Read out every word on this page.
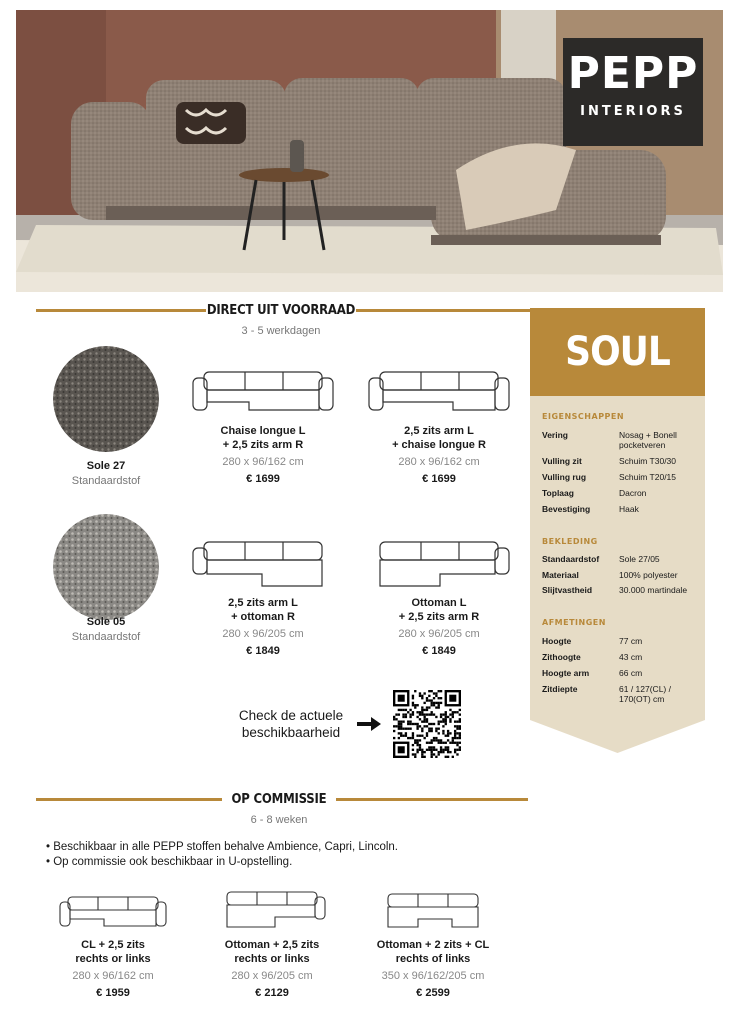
PEPP
INTERIORS
DIRECT UIT VOORRAAD
3 - 5 werkdagen
Sole 27
Standaardstof
Sole 05
Standaardstof
Chaise longue L
+ 2,5 zits arm R
280 x 96/162 cm
€ 1699
2,5 zits arm L
+ chaise longue R
280 x 96/162 cm
€ 1699
2,5 zits arm L
+ ottoman R
280 x 96/205 cm
€ 1849
Ottoman L
+ 2,5 zits arm R
280 x 96/205 cm
€ 1849
Check de actuele
beschikbaarheid
SOUL
EIGENSCHAPPEN
Vering	Nosag + Bonell pocketveren
Vulling zit	Schuim T30/30
Vulling rug	Schuim T20/15
Toplaag	Dacron
Bevestiging	Haak
BEKLEDING
Standaardstof Sole 27/05
Materiaal	100% polyester
Slijtvastheid	30.000 martindale
AFMETINGEN
Hoogte	77 cm
Zithoogte	43 cm
Hoogte arm	66 cm
Zitdiepte	61 / 127(CL) / 170(OT) cm
OP COMMISSIE
6 - 8 weken
• Beschikbaar in alle PEPP stoffen behalve Ambience, Capri, Lincoln.
• Op commissie ook beschikbaar in U-opstelling.
CL + 2,5 zits
rechts or links
280 x 96/162 cm
€ 1959
Ottoman + 2,5 zits
rechts or links
280 x 96/205 cm
€ 2129
Ottoman + 2 zits + CL
rechts of links
350 x 96/162/205 cm
€ 2599
